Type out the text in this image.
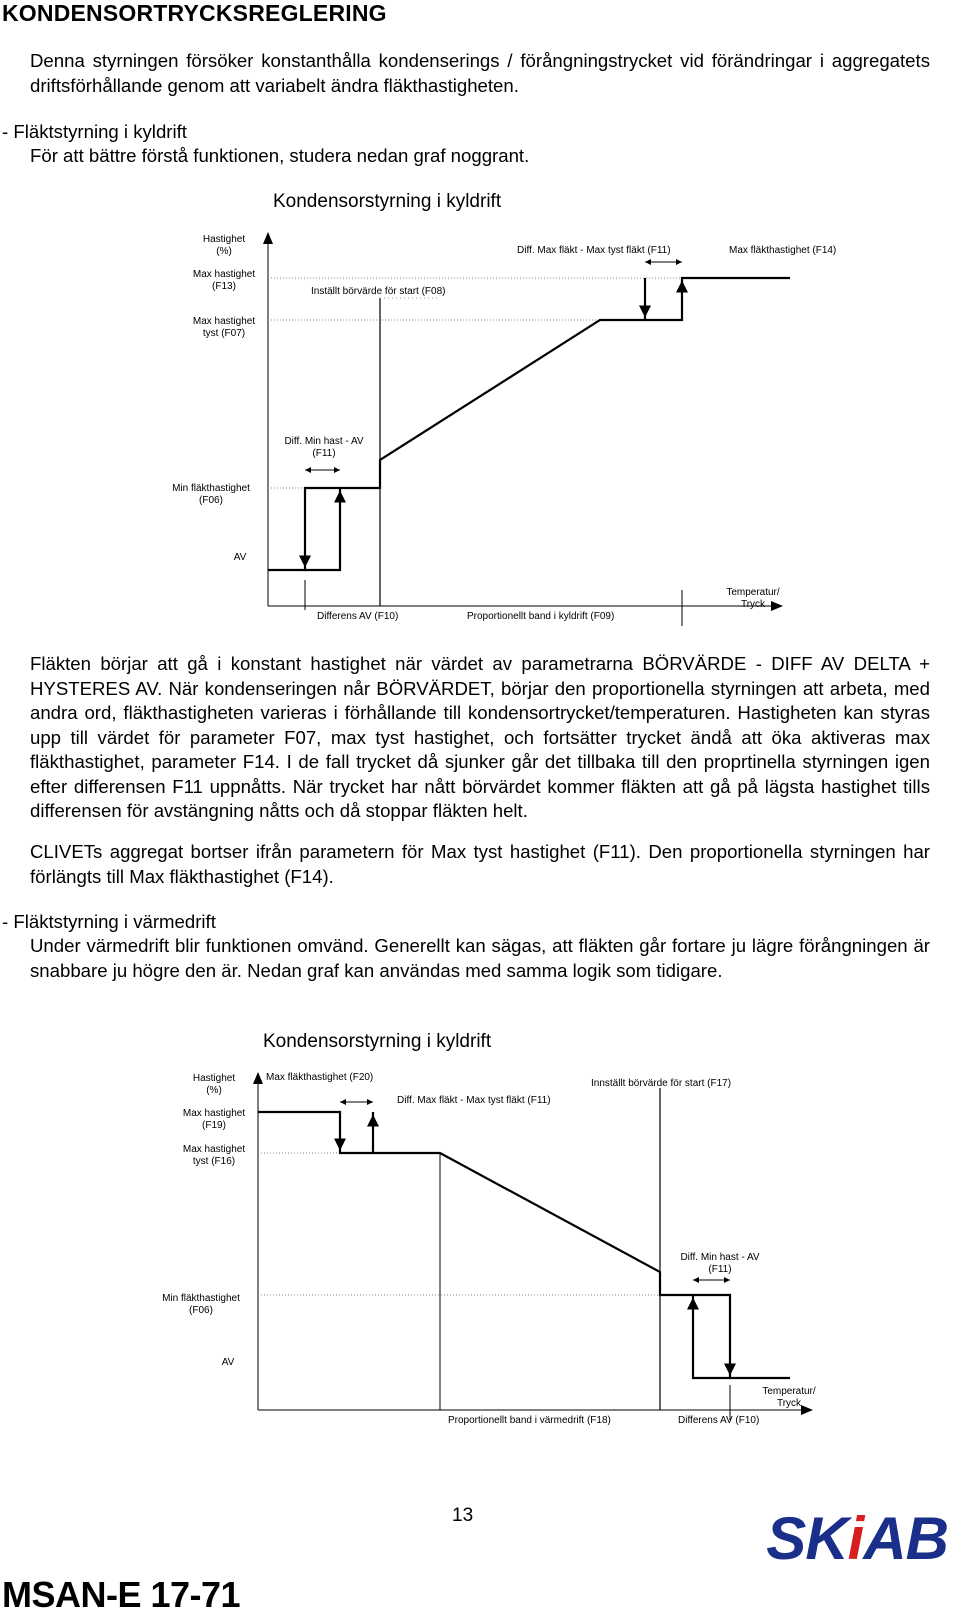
KONDENSORTRYCKSREGLERING
Denna styrningen försöker konstanthålla kondenserings / förångningstrycket vid förändringar i aggregatets driftsförhållande genom att variabelt ändra fläkthastigheten.
- Fläktstyrning i kyldrift
För att bättre förstå funktionen, studera nedan graf noggrant.
Kondensorstyrning i kyldrift
Hastighet
(%)
Max hastighet
(F13)
Max hastighet
tyst (F07)
Min fläkthastighet
(F06)
AV
Inställt börvärde för start (F08)
Diff. Max fläkt - Max tyst fläkt (F11)	Max fläkthastighet (F14)
Diff. Min hast - AV
(F11)
Differens AV (F10)	Proportionellt band i kyldrift (F09)
Temperatur/
Tryck
Fläkten börjar att gå i konstant hastighet när värdet av parametrarna BÖRVÄRDE - DIFF AV DELTA + HYSTERES AV. När kondenseringen når BÖRVÄRDET, börjar den proportionella styrningen att arbeta, med andra ord, fläkthastigheten varieras i förhållande till kondensortrycket/temperaturen. Hastigheten kan styras upp till värdet för parameter F07, max tyst hastighet, och fortsätter trycket ändå att öka aktiveras max fläkthastighet, parameter F14. I de fall trycket då sjunker går det tillbaka till den proprtinella styrningen igen efter differensen F11 uppnåtts. När trycket har nått börvärdet kommer fläkten att gå på lägsta hastighet tills differensen för avstängning nåtts och då stoppar fläkten helt.
CLIVETs aggregat bortser ifrån parametern för Max tyst hastighet (F11). Den proportionella styrningen har förlängts till Max fläkthastighet (F14).
- Fläktstyrning i värmedrift
Under värmedrift blir funktionen omvänd. Generellt kan sägas, att fläkten går fortare ju lägre förångningen är snabbare ju högre den är. Nedan graf kan användas med samma logik som tidigare.
Kondensorstyrning i kyldrift
Hastighet
(%)
Max hastighet
(F19)
Max hastighet
tyst (F16)
Min fläkthastighet
(F06)
AV
Max fläkthastighet (F20)
Diff. Max fläkt - Max tyst fläkt (F11)
Innställt börvärde för start (F17)
Diff. Min hast - AV
(F11)
Proportionellt band i värmedrift (F18)	Differens AV (F10)
Temperatur/
Tryck
13
MSAN-E 17-71
SKiAB
